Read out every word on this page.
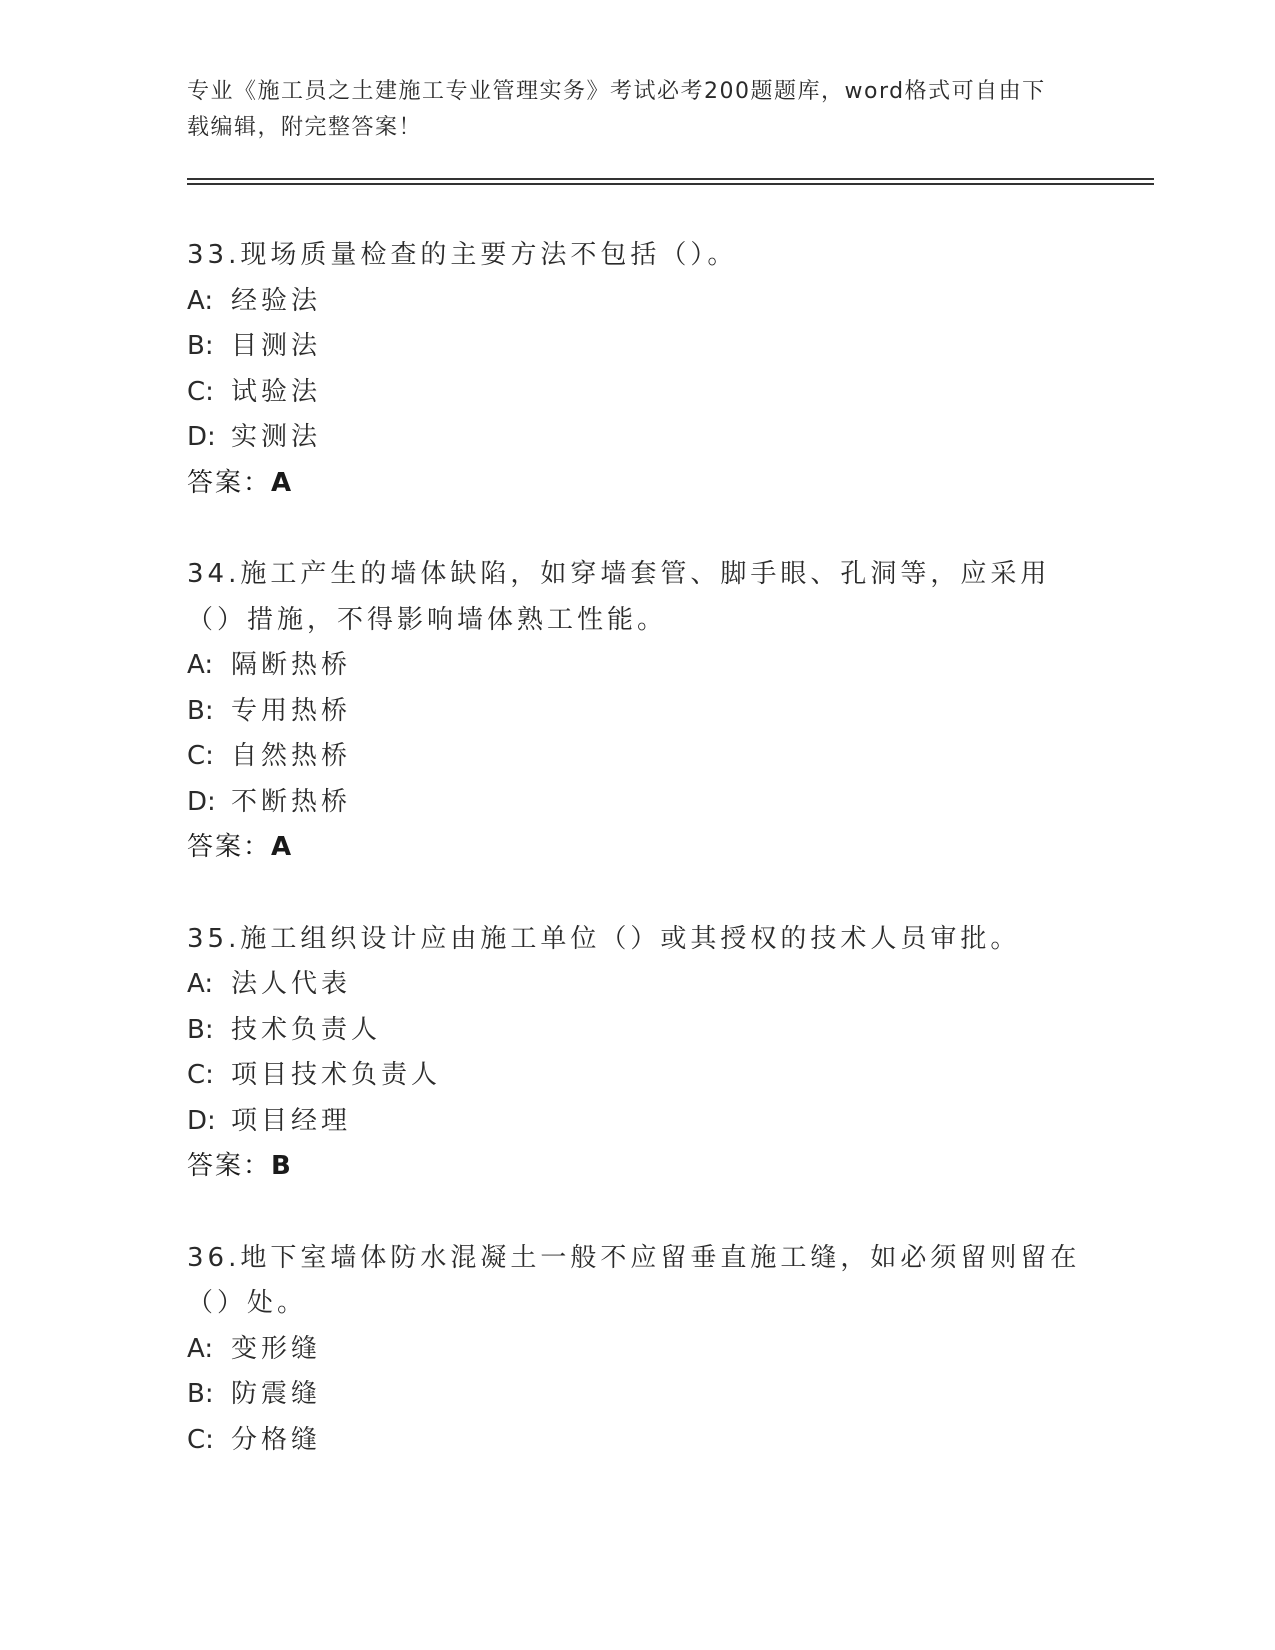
专业《施工员之土建施工专业管理实务》考试必考200题题库，word格式可自由下载编辑，附完整答案！
33.现场质量检查的主要方法不包括（）。
A: 经验法
B: 目测法
C: 试验法
D: 实测法
答案：A
34.施工产生的墙体缺陷，如穿墙套管、脚手眼、孔洞等，应采用（）措施，不得影响墙体熟工性能。
A: 隔断热桥
B: 专用热桥
C: 自然热桥
D: 不断热桥
答案：A
35.施工组织设计应由施工单位（）或其授权的技术人员审批。
A: 法人代表
B: 技术负责人
C: 项目技术负责人
D: 项目经理
答案：B
36.地下室墙体防水混凝土一般不应留垂直施工缝，如必须留则留在（）处。
A: 变形缝
B: 防震缝
C: 分格缝
